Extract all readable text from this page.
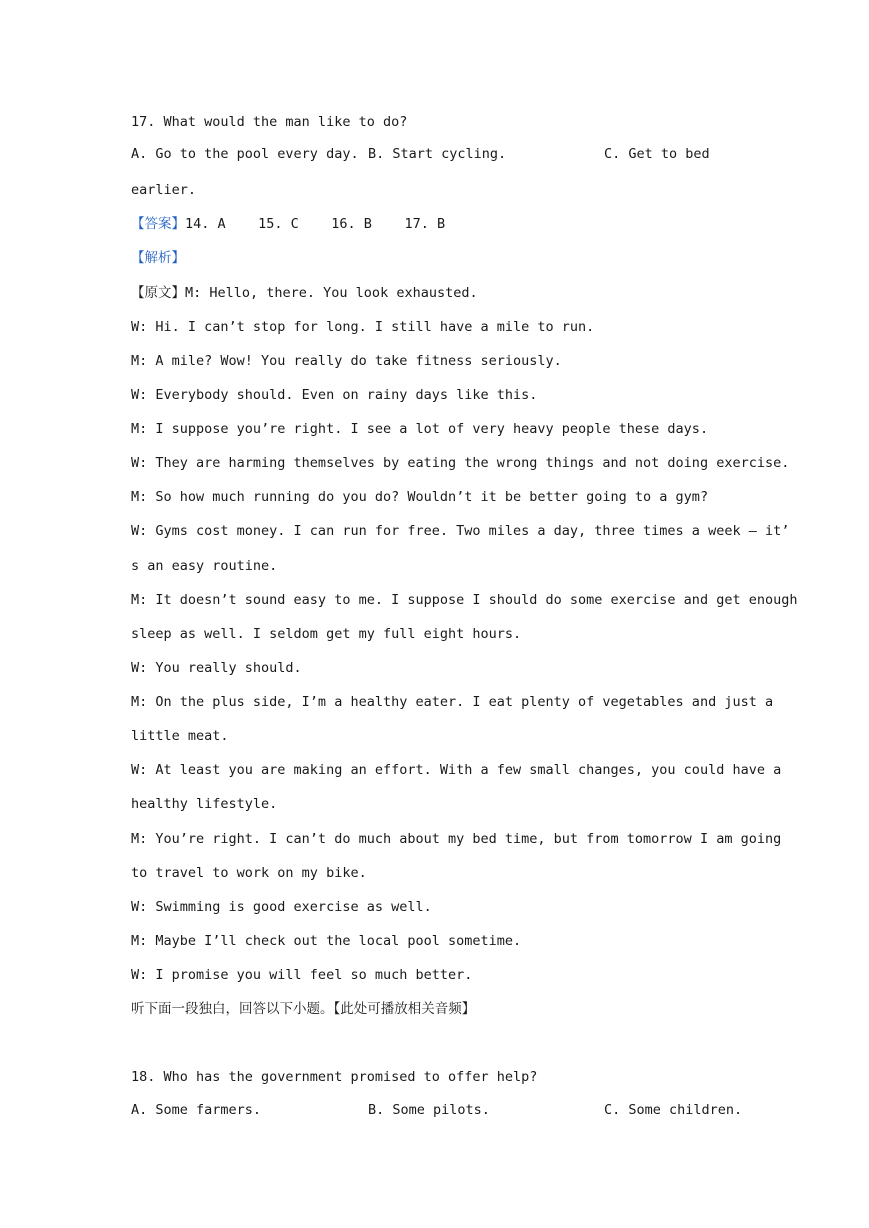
17. What would the man like to do?
A. Go to the pool every day. B. Start cycling.	C. Get to bed
earlier.
【答案】14. A    15. C    16. B    17. B
【解析】
【原文】M: Hello, there. You look exhausted.
W: Hi. I can’t stop for long. I still have a mile to run.
M: A mile? Wow! You really do take fitness seriously.
W: Everybody should. Even on rainy days like this.
M: I suppose you’re right. I see a lot of very heavy people these days.
W: They are harming themselves by eating the wrong things and not doing exercise.
M: So how much running do you do? Wouldn’t it be better going to a gym?
W: Gyms cost money. I can run for free. Two miles a day, three times a week — it’
s an easy routine.
M: It doesn’t sound easy to me. I suppose I should do some exercise and get enough
sleep as well. I seldom get my full eight hours.
W: You really should.
M: On the plus side, I’m a healthy eater. I eat plenty of vegetables and just a
little meat.
W: At least you are making an effort. With a few small changes, you could have a
healthy lifestyle.
M: You’re right. I can’t do much about my bed time, but from tomorrow I am going
to travel to work on my bike.
W: Swimming is good exercise as well.
M: Maybe I’ll check out the local pool sometime.
W: I promise you will feel so much better.
听下面一段独白，回答以下小题。【此处可播放相关音频】
18. Who has the government promised to offer help?
A. Some farmers.	B. Some pilots.	C. Some children.
